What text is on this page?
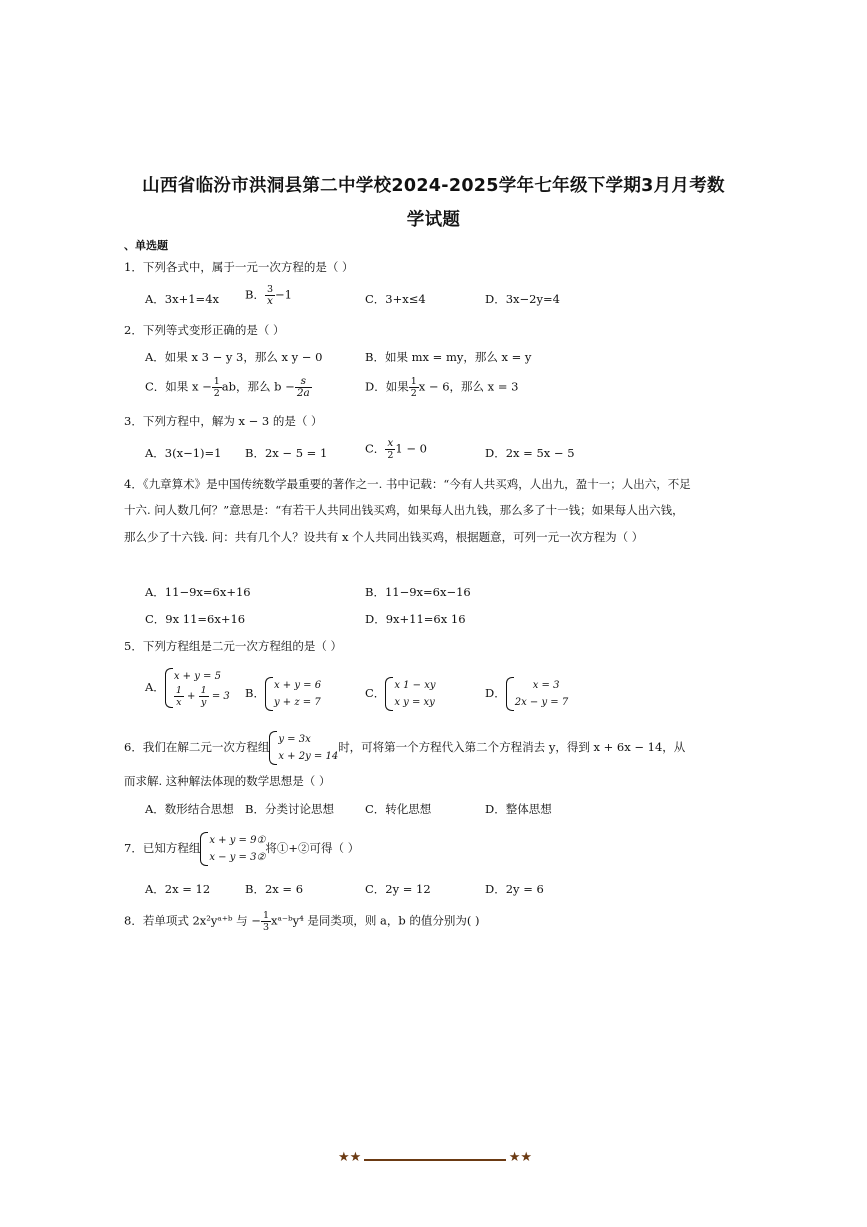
山西省临汾市洪洞县第二中学校2024-2025学年七年级下学期3月月考数
学试题
、单选题
1．下列各式中，属于一元一次方程的是（ ）
A．3x+1=4x B． $\frac{3}{x} -1$	C．3+x≤4	D．3x−2y=4
2．下列等式变形正确的是（ ）
A．如果 x 3 − y 3，那么 x y − 0	B．如果 mx = my，那么 x = y
C．如果 $x - \frac{1}{2}$ ab，那么 $b - \frac{s}{2a}$	D．如果 $\frac{1}{2}$ x − 6，那么 x = 3
3．下列方程中，解为 x − 3 的是（ ）
A．3(x−1)=1 B．2x − 5 = 1	C． $\frac{x}{2} 1 - 0$	D．2x = 5x − 5
4．《九章算术》是中国传统数学最重要的著作之一. 书中记载：“今有人共买鸡，人出九，盈十一；人出六，不足十六. 问人数几何？”意思是：“有若干人共同出钱买鸡，如果每人出九钱，那么多了十一钱；如果每人出六钱，那么少了十六钱. 问：共有几个人？设共有 x 个人共同出钱买鸡，根据题意，可列一元一次方程为（ ）
A．11−9x=6x+16	B．11−9x=6x−16
C．9x 11=6x+16	D．9x+11=6x 16
5．下列方程组是二元一次方程组的是（ ）
A．
x + y = 5
$\frac{1}{x} + \frac{1}{y} = 3$ B．
x + y = 6
y + z = 7
C．
x 1 − xy
x y = xy
D．
x = 3
2x − y = 7
6．我们在解二元一次方程组
y = 3x
x + 2y = 14
时，可将第一个方程代入第二个方程消去 y，得到 x + 6x − 14，从
而求解. 这种解法体现的数学思想是（ ）
A．数形结合思想 B．分类讨论思想	C．转化思想	D．整体思想
7．已知方程组
x + y = 9①
x − y = 3②
将①+②可得（ ）
A．2x = 12	B．2x = 6	C．2y = 12	D．2y = 6
8．若单项式 2x²yᵃ⁺ᵇ 与 − $\frac{1}{3}$ xᵃ⁻ᵇy⁴ 是同类项，则 a，b 的值分别为( )
★★	★★
